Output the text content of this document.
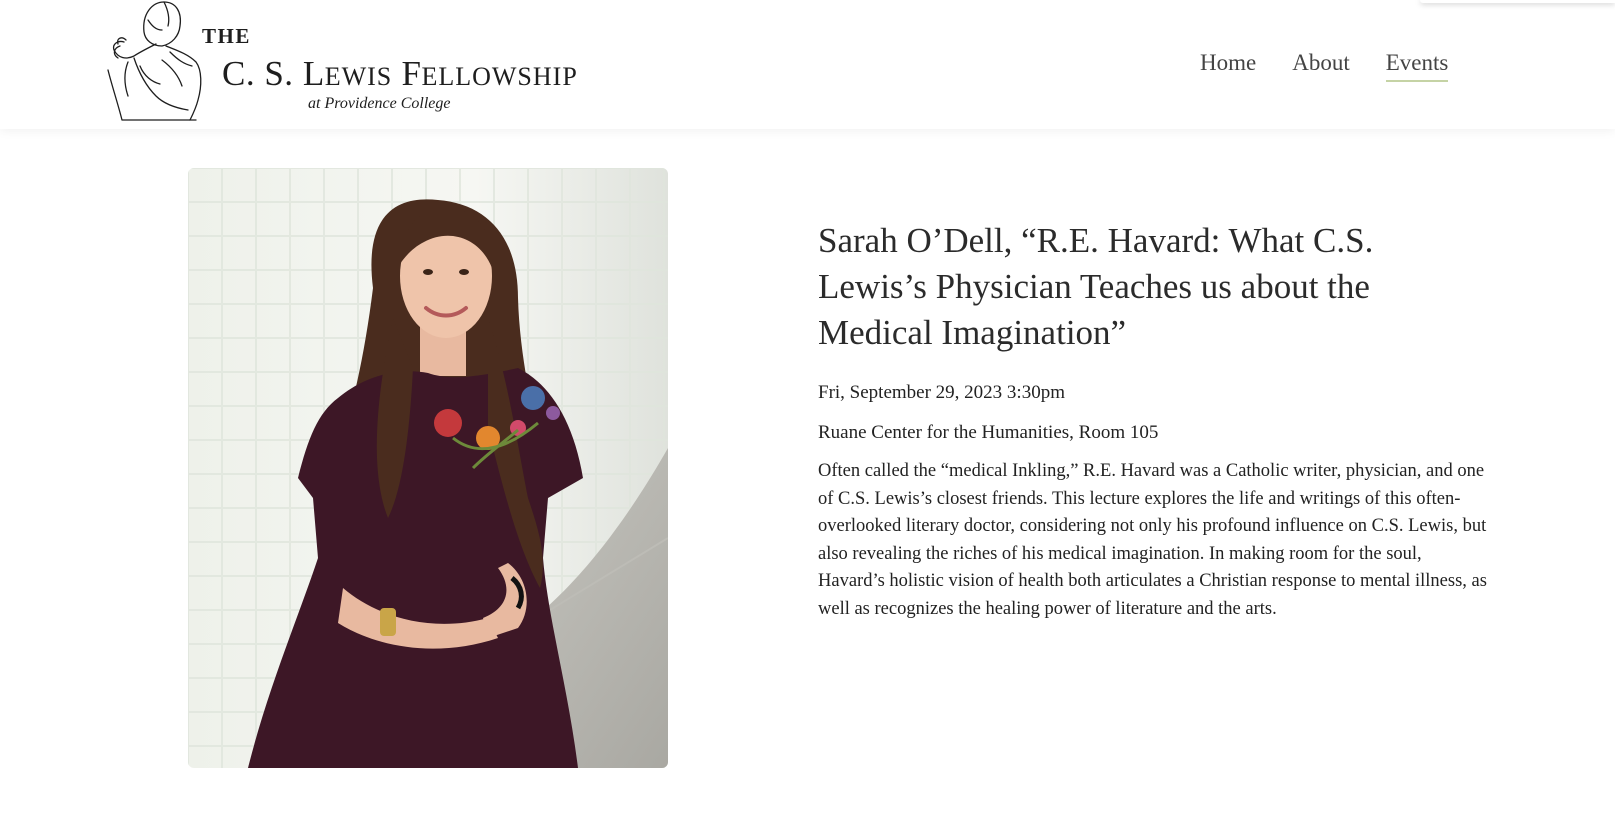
THE
C. S. LEWIS FELLOWSHIP
at Providence College
Home About Events
Sarah O’Dell, “R.E. Havard: What C.S. Lewis’s Physician Teaches us about the Medical Imagination”

Fri, September 29, 2023 3:30pm

Ruane Center for the Humanities, Room 105

Often called the “medical Inkling,” R.E. Havard was a Catholic writer, physician, and one of C.S. Lewis’s closest friends. This lecture explores the life and writings of this often-overlooked literary doctor, considering not only his profound influence on C.S. Lewis, but also revealing the riches of his medical imagination. In making room for the soul, Havard’s holistic vision of health both articulates a Christian response to mental illness, as well as recognizes the healing power of literature and the arts.
